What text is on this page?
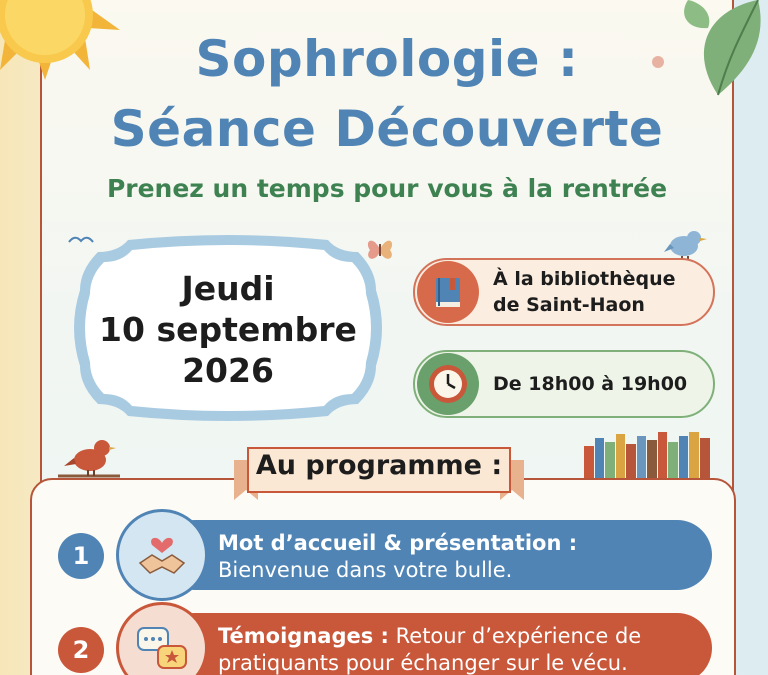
Sophrologie :
Séance Découverte
Prenez un temps pour vous à la rentrée
Jeudi
10 septembre
2026
À la bibliothèque
de Saint-Haon
De 18h00 à 19h00
Au programme :
Mot d’accueil & présentation :
Bienvenue dans votre bulle.
1
Témoignages : Retour d’expérience de pratiquants pour échanger sur le vécu.
2
